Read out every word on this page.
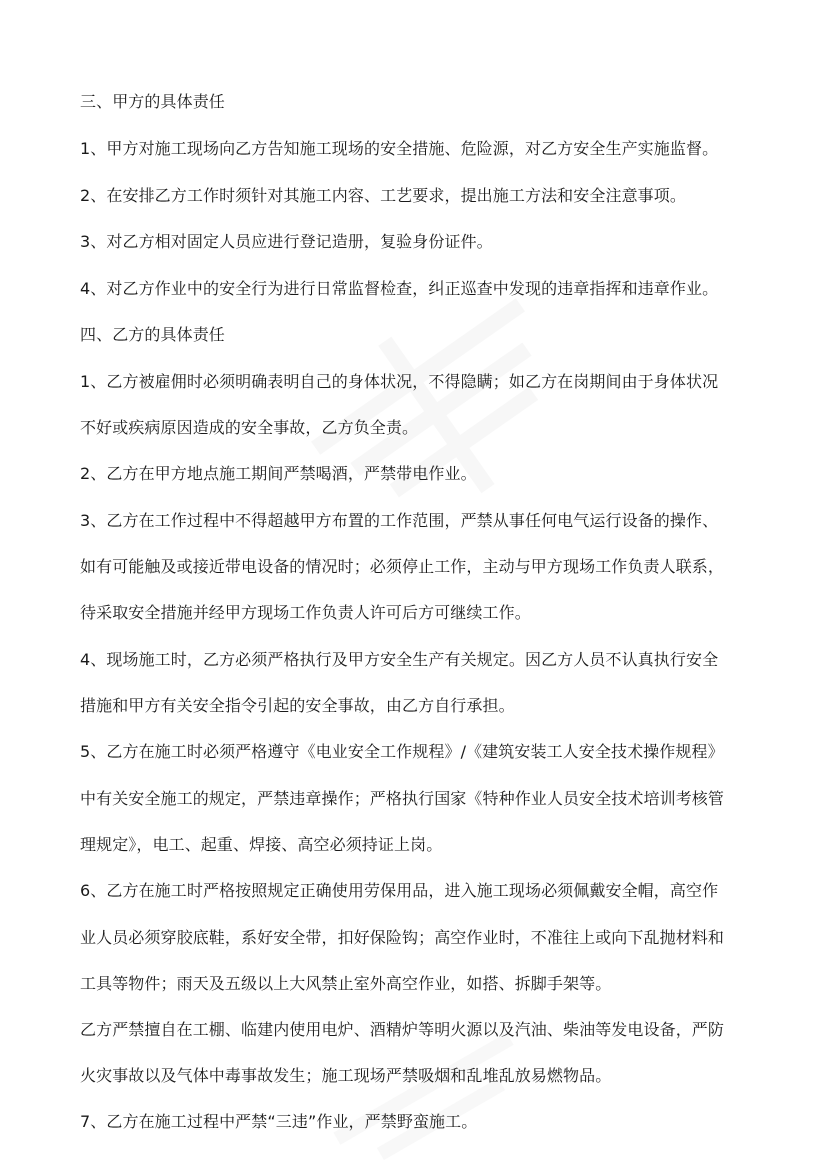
三、甲方的具体责任
1、甲方对施工现场向乙方告知施工现场的安全措施、危险源，对乙方安全生产实施监督。
2、在安排乙方工作时须针对其施工内容、工艺要求，提出施工方法和安全注意事项。
3、对乙方相对固定人员应进行登记造册，复验身份证件。
4、对乙方作业中的安全行为进行日常监督检查，纠正巡查中发现的违章指挥和违章作业。
四、乙方的具体责任
1、乙方被雇佣时必须明确表明自己的身体状况，不得隐瞒；如乙方在岗期间由于身体状况
不好或疾病原因造成的安全事故，乙方负全责。
2、乙方在甲方地点施工期间严禁喝酒，严禁带电作业。
3、乙方在工作过程中不得超越甲方布置的工作范围，严禁从事任何电气运行设备的操作、
如有可能触及或接近带电设备的情况时；必须停止工作，主动与甲方现场工作负责人联系，
待采取安全措施并经甲方现场工作负责人许可后方可继续工作。
4、现场施工时，乙方必须严格执行及甲方安全生产有关规定。因乙方人员不认真执行安全
措施和甲方有关安全指令引起的安全事故，由乙方自行承担。
5、乙方在施工时必须严格遵守《电业安全工作规程》/《建筑安装工人安全技术操作规程》
中有关安全施工的规定，严禁违章操作；严格执行国家《特种作业人员安全技术培训考核管
理规定》，电工、起重、焊接、高空必须持证上岗。
6、乙方在施工时严格按照规定正确使用劳保用品，进入施工现场必须佩戴安全帽，高空作
业人员必须穿胶底鞋，系好安全带，扣好保险钩；高空作业时，不准往上或向下乱抛材料和
工具等物件；雨天及五级以上大风禁止室外高空作业，如搭、拆脚手架等。
乙方严禁擅自在工棚、临建内使用电炉、酒精炉等明火源以及汽油、柴油等发电设备，严防
火灾事故以及气体中毒事故发生；施工现场严禁吸烟和乱堆乱放易燃物品。
7、乙方在施工过程中严禁“三违”作业，严禁野蛮施工。
